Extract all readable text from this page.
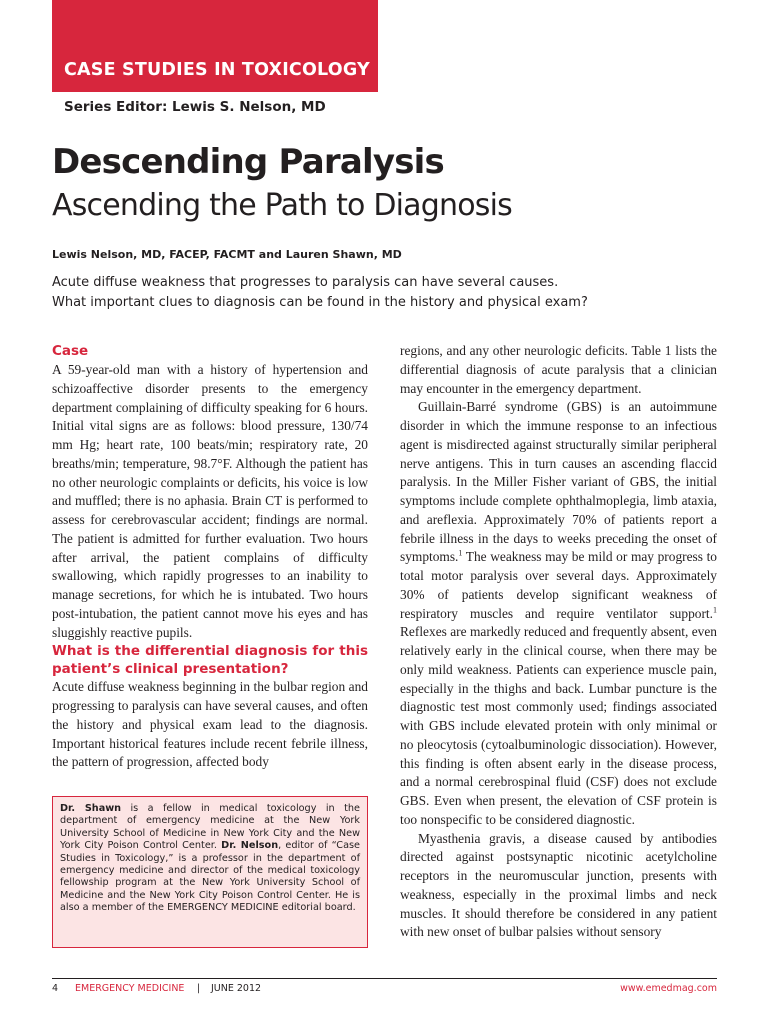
CASE STUDIES IN TOXICOLOGY
Series Editor: Lewis S. Nelson, MD
Descending Paralysis
Ascending the Path to Diagnosis
Lewis Nelson, MD, FACEP, FACMT and Lauren Shawn, MD
Acute diffuse weakness that progresses to paralysis can have several causes.
What important clues to diagnosis can be found in the history and physical exam?

Case

A 59-year-old man with a history of hypertension and schizoaffective disorder presents to the emergency department complaining of difficulty speaking for 6 hours. Initial vital signs are as follows: blood pressure, 130/74 mm Hg; heart rate, 100 beats/min; respiratory rate, 20 breaths/min; temperature, 98.7°F. Although the patient has no other neurologic complaints or deficits, his voice is low and muffled; there is no aphasia. Brain CT is performed to assess for cerebrovascular accident; findings are normal. The patient is admitted for further evaluation. Two hours after arrival, the patient complains of difficulty swallowing, which rapidly progresses to an inability to manage secretions, for which he is intubated. Two hours post-intubation, the patient cannot move his eyes and has sluggishly reactive pupils.

What is the differential diagnosis for this patient’s clinical presentation?

Acute diffuse weakness beginning in the bulbar region and progressing to paralysis can have several causes, and often the history and physical exam lead to the diagnosis. Important historical features include recent febrile illness, the pattern of progression, affected body

Dr. Shawn is a fellow in medical toxicology in the department of emergency medicine at the New York University School of Medicine in New York City and the New York City Poison Control Center. Dr. Nelson, editor of “Case Studies in Toxicology,” is a professor in the department of emergency medicine and director of the medical toxicology fellowship program at the New York University School of Medicine and the New York City Poison Control Center. He is also a member of the EMERGENCY MEDICINE editorial board.

regions, and any other neurologic deficits. Table 1 lists the differential diagnosis of acute paralysis that a clinician may encounter in the emergency department.

Guillain-Barré syndrome (GBS) is an autoimmune disorder in which the immune response to an infectious agent is misdirected against structurally similar peripheral nerve antigens. This in turn causes an ascending flaccid paralysis. In the Miller Fisher variant of GBS, the initial symptoms include complete ophthalmoplegia, limb ataxia, and areflexia. Approximately 70% of patients report a febrile illness in the days to weeks preceding the onset of symptoms.$^1$ The weakness may be mild or may progress to total motor paralysis over several days. Approximately 30% of patients develop significant weakness of respiratory muscles and require ventilator support.$^1$ Reflexes are markedly reduced and frequently absent, even relatively early in the clinical course, when there may be only mild weakness. Patients can experience muscle pain, especially in the thighs and back. Lumbar puncture is the diagnostic test most commonly used; findings associated with GBS include elevated protein with only minimal or no pleocytosis (cytoalbuminologic dissociation). However, this finding is often absent early in the disease process, and a normal cerebrospinal fluid (CSF) does not exclude GBS. Even when present, the elevation of CSF protein is too nonspecific to be considered diagnostic.

Myasthenia gravis, a disease caused by antibodies directed against postsynaptic nicotinic acetylcholine receptors in the neuromuscular junction, presents with weakness, especially in the proximal limbs and neck muscles. It should therefore be considered in any patient with new onset of bulbar palsies without sensory

4 EMERGENCY MEDICINE | JUNE 2012	www.emedmag.com
